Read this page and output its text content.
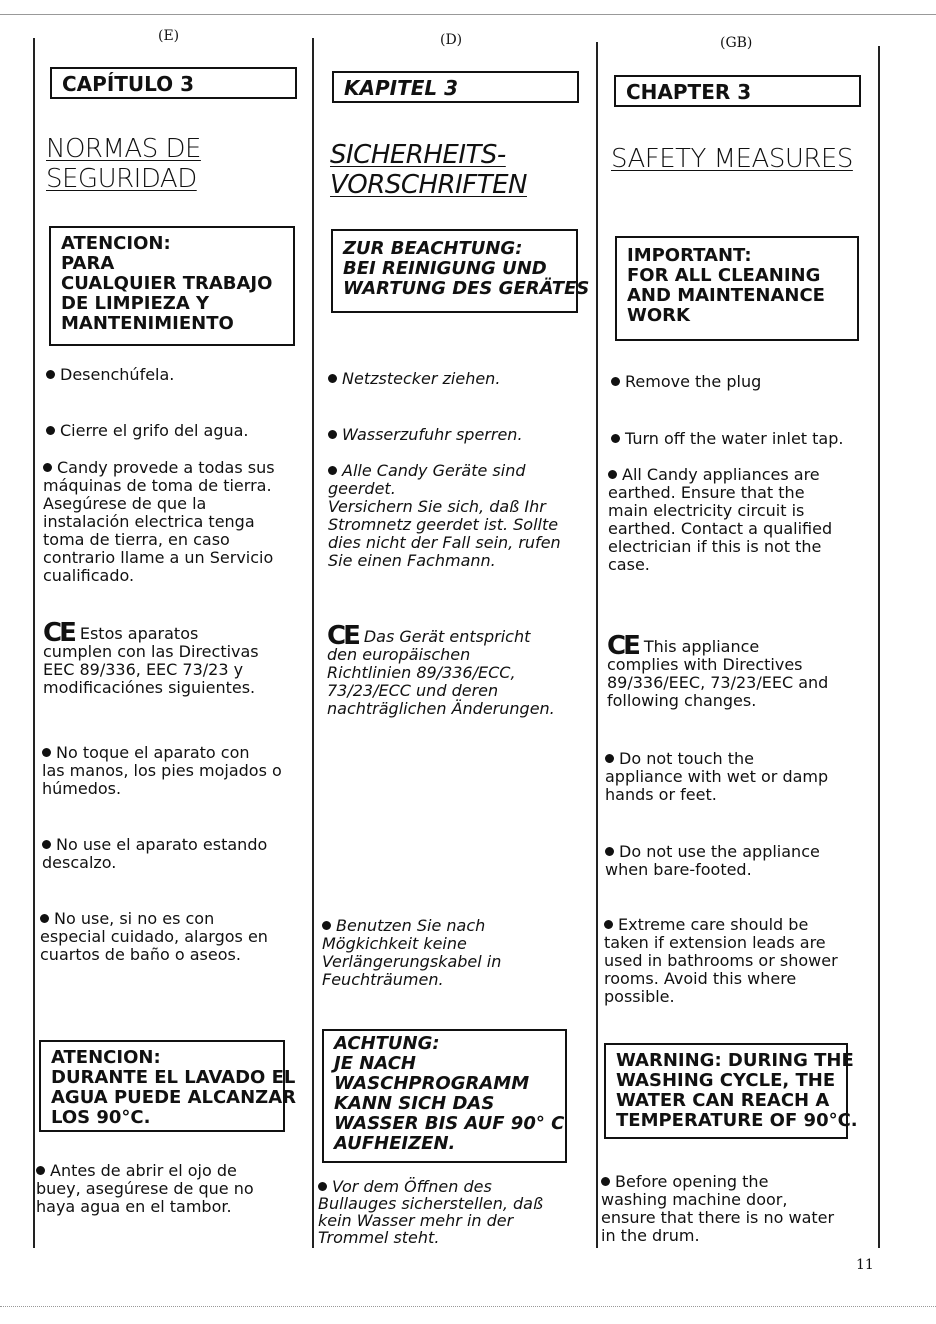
(E)
CAPÍTULO 3
NORMAS DE
SEGURIDAD
ATENCION:
PARA
CUALQUIER TRABAJO
DE LIMPIEZA Y
MANTENIMIENTO
Desenchúfela.
Cierre el grifo del agua.
Candy provede a todas sus
máquinas de toma de tierra.
Asegúrese de que la
instalación electrica tenga
toma de tierra, en caso
contrario llame a un Servicio
cualificado.
CE Estos aparatos
cumplen con las Directivas
EEC 89/336, EEC 73/23 y
modificaciónes siguientes.
No toque el aparato con
las manos, los pies mojados o
húmedos.
No use el aparato estando
descalzo.
No use, si no es con
especial cuidado, alargos en
cuartos de baño o aseos.
ATENCION:
DURANTE EL LAVADO EL
AGUA PUEDE ALCANZAR
LOS 90°C.
Antes de abrir el ojo de
buey, asegúrese de que no
haya agua en el tambor.
(D)
KAPITEL 3
SICHERHEITS-
VORSCHRIFTEN
ZUR BEACHTUNG:
BEI REINIGUNG UND
WARTUNG DES GERÄTES
Netzstecker ziehen.
Wasserzufuhr sperren.
Alle Candy Geräte sind
geerdet.
Versichern Sie sich, daß Ihr
Stromnetz geerdet ist. Sollte
dies nicht der Fall sein, rufen
Sie einen Fachmann.
CE Das Gerät entspricht
den europäischen
Richtlinien 89/336/ECC,
73/23/ECC und deren
nachträglichen Änderungen.
Benutzen Sie nach
Mögkichkeit keine
Verlängerungskabel in
Feuchträumen.
ACHTUNG:
JE NACH
WASCHPROGRAMM
KANN SICH DAS
WASSER BIS AUF 90° C
AUFHEIZEN.
Vor dem Öffnen des
Bullauges sicherstellen, daß
kein Wasser mehr in der
Trommel steht.
(GB)
CHAPTER 3
SAFETY MEASURES
IMPORTANT:
FOR ALL CLEANING
AND MAINTENANCE
WORK
Remove the plug
Turn off the water inlet tap.
All Candy appliances are
earthed. Ensure that the
main electricity circuit is
earthed. Contact a qualified
electrician if this is not the
case.
CE This appliance
complies with Directives
89/336/EEC, 73/23/EEC and
following changes.
Do not touch the
appliance with wet or damp
hands or feet.
Do not use the appliance
when bare-footed.
Extreme care should be
taken if extension leads are
used in bathrooms or shower
rooms. Avoid this where
possible.
WARNING: DURING THE
WASHING CYCLE, THE
WATER CAN REACH A
TEMPERATURE OF 90°C.
Before opening the
washing machine door,
ensure that there is no water
in the drum.
11
